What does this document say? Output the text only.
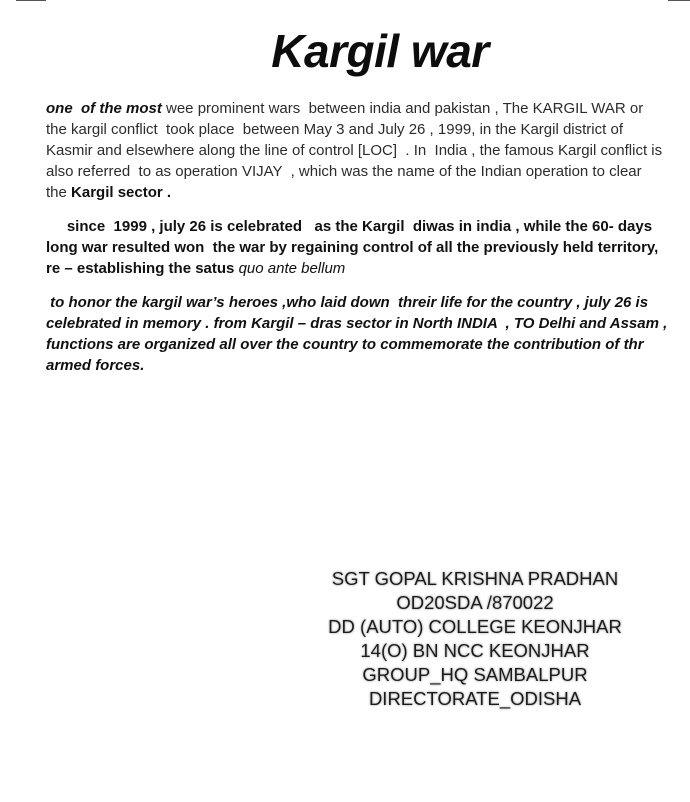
Kargil war
one  of the most wee prominent wars  between india and pakistan , The KARGIL WAR or the kargil conflict  took place  between May 3 and July 26 , 1999, in the Kargil district of Kasmir and elsewhere along the line of control [LOC]  . In  India , the famous Kargil conflict is also referred  to as operation VIJAY  , which was the name of the Indian operation to clear the Kargil sector .
since  1999 , july 26 is celebrated   as the Kargil  diwas in india , while the 60- days long war resulted won  the war by regaining control of all the previously held territory, re – establishing the satus quo ante bellum
to honor the kargil war’s heroes ,who laid down  threir life for the country , july 26 is celebrated in memory . from Kargil – dras sector in North INDIA  , TO Delhi and Assam , functions are organized all over the country to commemorate the contribution of thr armed forces.
SGT GOPAL KRISHNA PRADHAN
OD20SDA /870022
DD (AUTO) COLLEGE KEONJHAR
14(O) BN NCC KEONJHAR
GROUP_HQ SAMBALPUR
DIRECTORATE_ODISHA
